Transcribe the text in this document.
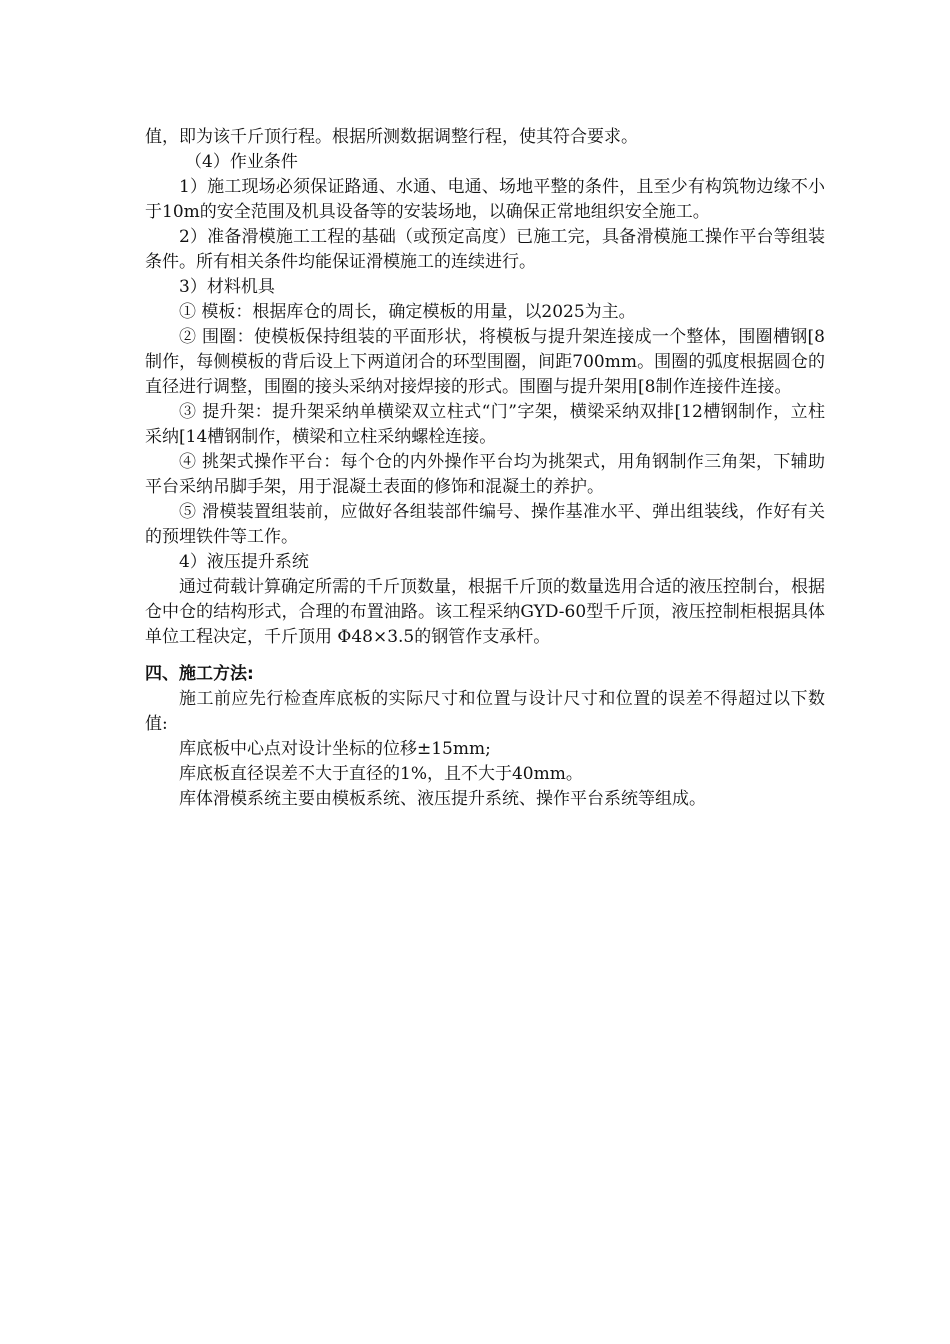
值，即为该千斤顶行程。根据所测数据调整行程，使其符合要求。

（4）作业条件

1）施工现场必须保证路通、水通、电通、场地平整的条件，且至少有构筑物边缘不小于10m的安全范围及机具设备等的安装场地，以确保正常地组织安全施工。

2）准备滑模施工工程的基础（或预定高度）已施工完，具备滑模施工操作平台等组装条件。所有相关条件均能保证滑模施工的连续进行。

3）材料机具

① 模板：根据库仓的周长，确定模板的用量，以2025为主。

② 围圈：使模板保持组装的平面形状，将模板与提升架连接成一个整体，围圈槽钢[8制作，每侧模板的背后设上下两道闭合的环型围圈，间距700mm。围圈的弧度根据圆仓的直径进行调整，围圈的接头采纳对接焊接的形式。围圈与提升架用[8制作连接件连接。

③ 提升架：提升架采纳单横梁双立柱式“门”字架，横梁采纳双排[12槽钢制作，立柱采纳[14槽钢制作，横梁和立柱采纳螺栓连接。

④ 挑架式操作平台：每个仓的内外操作平台均为挑架式，用角钢制作三角架，下辅助平台采纳吊脚手架，用于混凝土表面的修饰和混凝土的养护。

⑤ 滑模装置组装前，应做好各组装部件编号、操作基准水平、弹出组装线，作好有关的预埋铁件等工作。

4）液压提升系统

通过荷载计算确定所需的千斤顶数量，根据千斤顶的数量选用合适的液压控制台，根据仓中仓的结构形式，合理的布置油路。该工程采纳GYD-60型千斤顶，液压控制柜根据具体单位工程决定，千斤顶用 Φ48×3.5的钢管作支承杆。

四、施工方法:

施工前应先行检查库底板的实际尺寸和位置与设计尺寸和位置的误差不得超过以下数值:

库底板中心点对设计坐标的位移±15mm;

库底板直径误差不大于直径的1%，且不大于40mm。

库体滑模系统主要由模板系统、液压提升系统、操作平台系统等组成。
